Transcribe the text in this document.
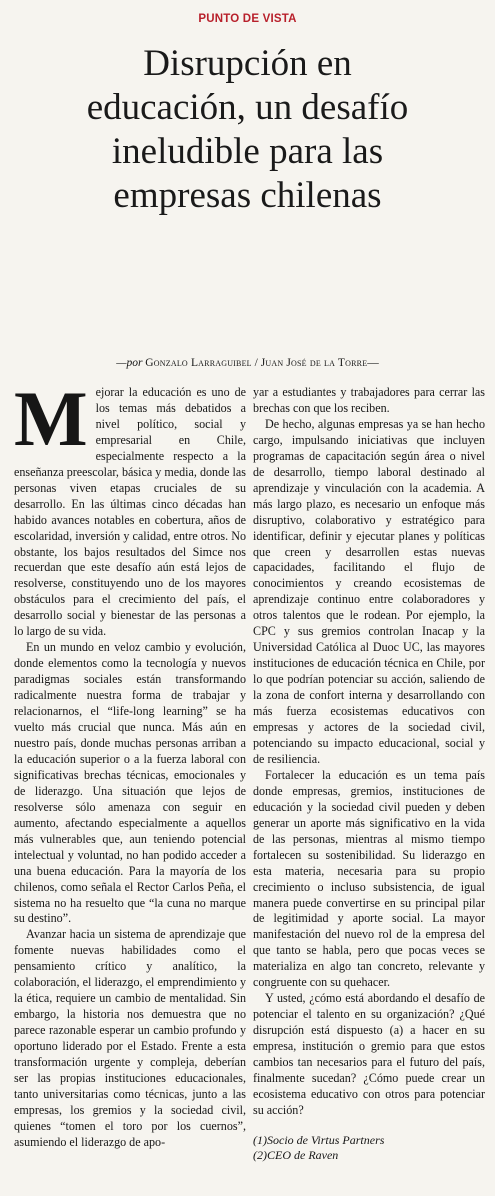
PUNTO DE VISTA
Disrupción en
educación, un desafío
ineludible para las
empresas chilenas
—por Gonzalo Larraguibel / Juan José de la Torre—

Mejorar la educación es uno de los temas más debatidos a nivel político, social y empresarial en Chile, especialmente respecto a la enseñanza preescolar, básica y media, donde las personas viven etapas cruciales de su desarrollo. En las últimas cinco décadas han habido avances notables en cobertura, años de escolaridad, inversión y calidad, entre otros. No obstante, los bajos resultados del Simce nos recuerdan que este desafío aún está lejos de resolverse, constituyendo uno de los mayores obstáculos para el crecimiento del país, el desarrollo social y bienestar de las personas a lo largo de su vida.

En un mundo en veloz cambio y evolución, donde elementos como la tecnología y nuevos paradigmas sociales están transformando radicalmente nuestra forma de trabajar y relacionarnos, el “life-long learning” se ha vuelto más crucial que nunca. Más aún en nuestro país, donde muchas personas arriban a la educación superior o a la fuerza laboral con significativas brechas técnicas, emocionales y de liderazgo. Una situación que lejos de resolverse sólo amenaza con seguir en aumento, afectando especialmente a aquellos más vulnerables que, aun teniendo potencial intelectual y voluntad, no han podido acceder a una buena educación. Para la mayoría de los chilenos, como señala el Rector Carlos Peña, el sistema no ha resuelto que “la cuna no marque su destino”.

Avanzar hacia un sistema de aprendizaje que fomente nuevas habilidades como el pensamiento crítico y analítico, la colaboración, el liderazgo, el emprendimiento y la ética, requiere un cambio de mentalidad. Sin embargo, la historia nos demuestra que no parece razonable esperar un cambio profundo y oportuno liderado por el Estado. Frente a esta transformación urgente y compleja, deberían ser las propias instituciones educacionales, tanto universitarias como técnicas, junto a las empresas, los gremios y la sociedad civil, quienes “tomen el toro por los cuernos”, asumiendo el liderazgo de apo-

yar a estudiantes y trabajadores para cerrar las brechas con que los reciben.

De hecho, algunas empresas ya se han hecho cargo, impulsando iniciativas que incluyen programas de capacitación según área o nivel de desarrollo, tiempo laboral destinado al aprendizaje y vinculación con la academia. A más largo plazo, es necesario un enfoque más disruptivo, colaborativo y estratégico para identificar, definir y ejecutar planes y políticas que creen y desarrollen estas nuevas capacidades, facilitando el flujo de conocimientos y creando ecosistemas de aprendizaje continuo entre colaboradores y otros talentos que le rodean. Por ejemplo, la CPC y sus gremios controlan Inacap y la Universidad Católica al Duoc UC, las mayores instituciones de educación técnica en Chile, por lo que podrían potenciar su acción, saliendo de la zona de confort interna y desarrollando con más fuerza ecosistemas educativos con empresas y actores de la sociedad civil, potenciando su impacto educacional, social y de resiliencia.

Fortalecer la educación es un tema país donde empresas, gremios, instituciones de educación y la sociedad civil pueden y deben generar un aporte más significativo en la vida de las personas, mientras al mismo tiempo fortalecen su sostenibilidad. Su liderazgo en esta materia, necesaria para su propio crecimiento o incluso subsistencia, de igual manera puede convertirse en su principal pilar de legitimidad y aporte social. La mayor manifestación del nuevo rol de la empresa del que tanto se habla, pero que pocas veces se materializa en algo tan concreto, relevante y congruente con su quehacer.

Y usted, ¿cómo está abordando el desafío de potenciar el talento en su organización? ¿Qué disrupción está dispuesto (a) a hacer en su empresa, institución o gremio para que estos cambios tan necesarios para el futuro del país, finalmente sucedan? ¿Cómo puede crear un ecosistema educativo con otros para potenciar su acción?

(1)Socio de Virtus Partners
(2)CEO de Raven
